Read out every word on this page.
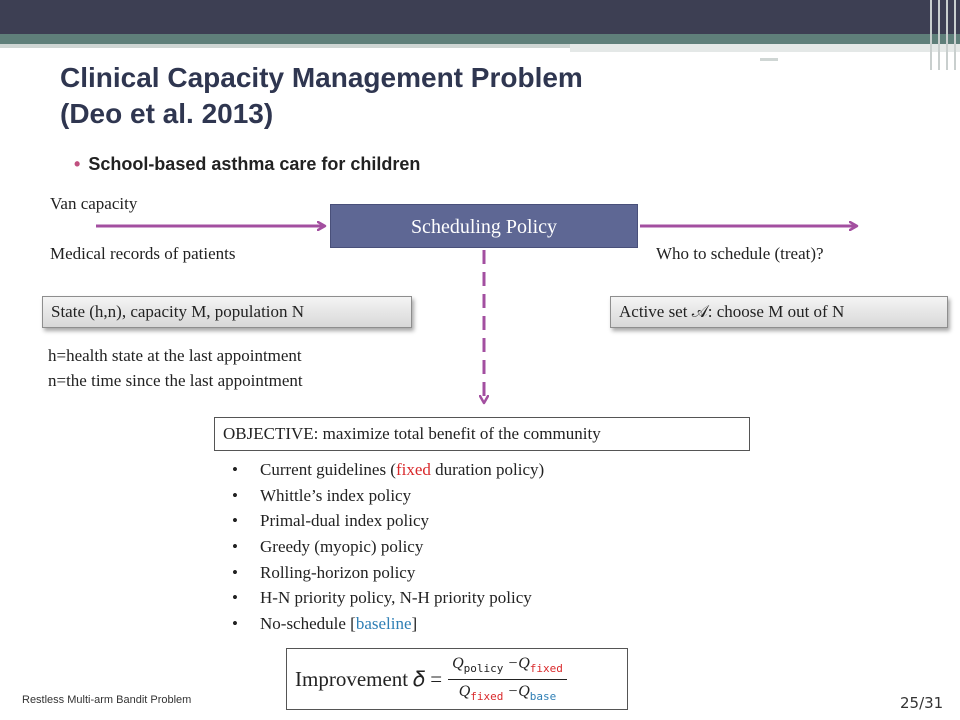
Clinical Capacity Management Problem
(Deo et al. 2013)
• School-based asthma care for children
Van capacity
Medical records of patients
Scheduling Policy
Who to schedule (treat)?
State (h,n), capacity M, population N	Active set 𝒜: choose M out of N
h=health state at the last appointment
n=the time since the last appointment
OBJECTIVE: maximize total benefit of the community
• Current guidelines (fixed duration policy)
• Whittle’s index policy
• Primal-dual index policy
• Greedy (myopic) policy
• Rolling-horizon policy
• H-N priority policy, N-H priority policy
• No-schedule [baseline]
Improvement 𝛿 = $\frac{Q_{policy} -Q_{fixed}}{Q_{fixed} -Q_{base}}$
Restless Multi-arm Bandit Problem	25/31
